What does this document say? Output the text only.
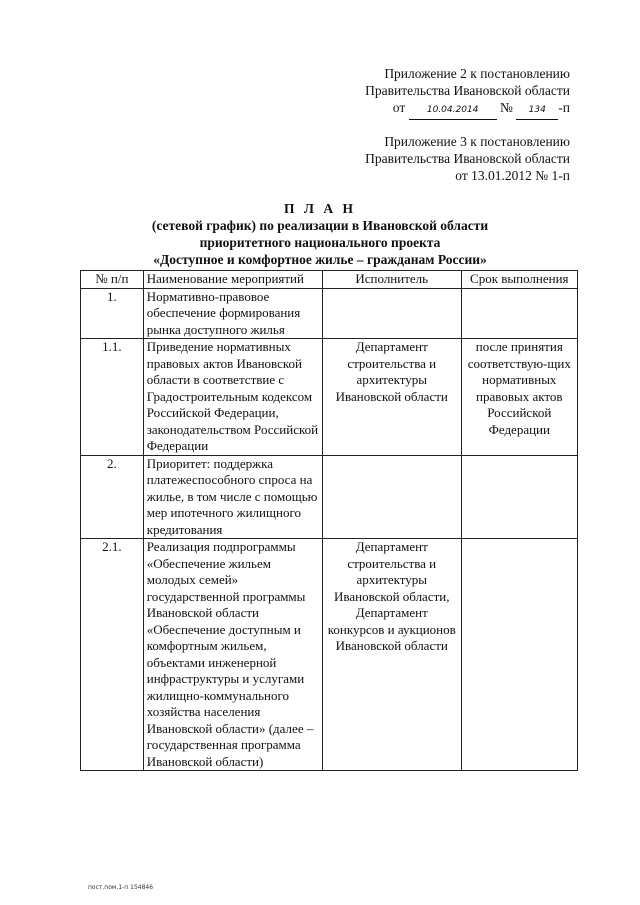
Приложение 2 к постановлению
Правительства Ивановской области
от 10.04.2014 № 134 -п
Приложение 3 к постановлению
Правительства Ивановской области
от 13.01.2012 № 1-п
П Л А Н
(сетевой график) по реализации в Ивановской области
приоритетного национального проекта
«Доступное и комфортное жилье – гражданам России»
№ п/п	Наименование мероприятий	Исполнитель	Срок выполнения
1.	Нормативно-правовое обеспечение формирования рынка доступного жилья		
1.1.	Приведение нормативных правовых актов Ивановской области в соответствие с Градостроительным кодексом Российской Федерации, законодательством Российской Федерации	Департамент строительства и архитектуры Ивановской области	после принятия соответствую-щих нормативных правовых актов Российской Федерации
2.	Приоритет: поддержка платежеспособного спроса на жилье, в том числе с помощью мер ипотечного жилищного кредитования		
2.1.	Реализация подпрограммы «Обеспечение жильем молодых семей» государственной программы Ивановской области «Обеспечение доступным и комфортным жильем, объектами инженерной инфраструктуры и услугами жилищно-коммунального хозяйства населения Ивановской области» (далее – государственная программа Ивановской области)	Департамент строительства и архитектуры Ивановской области, Департамент конкурсов и аукционов Ивановской области	
пост.пом.1-п 154846
